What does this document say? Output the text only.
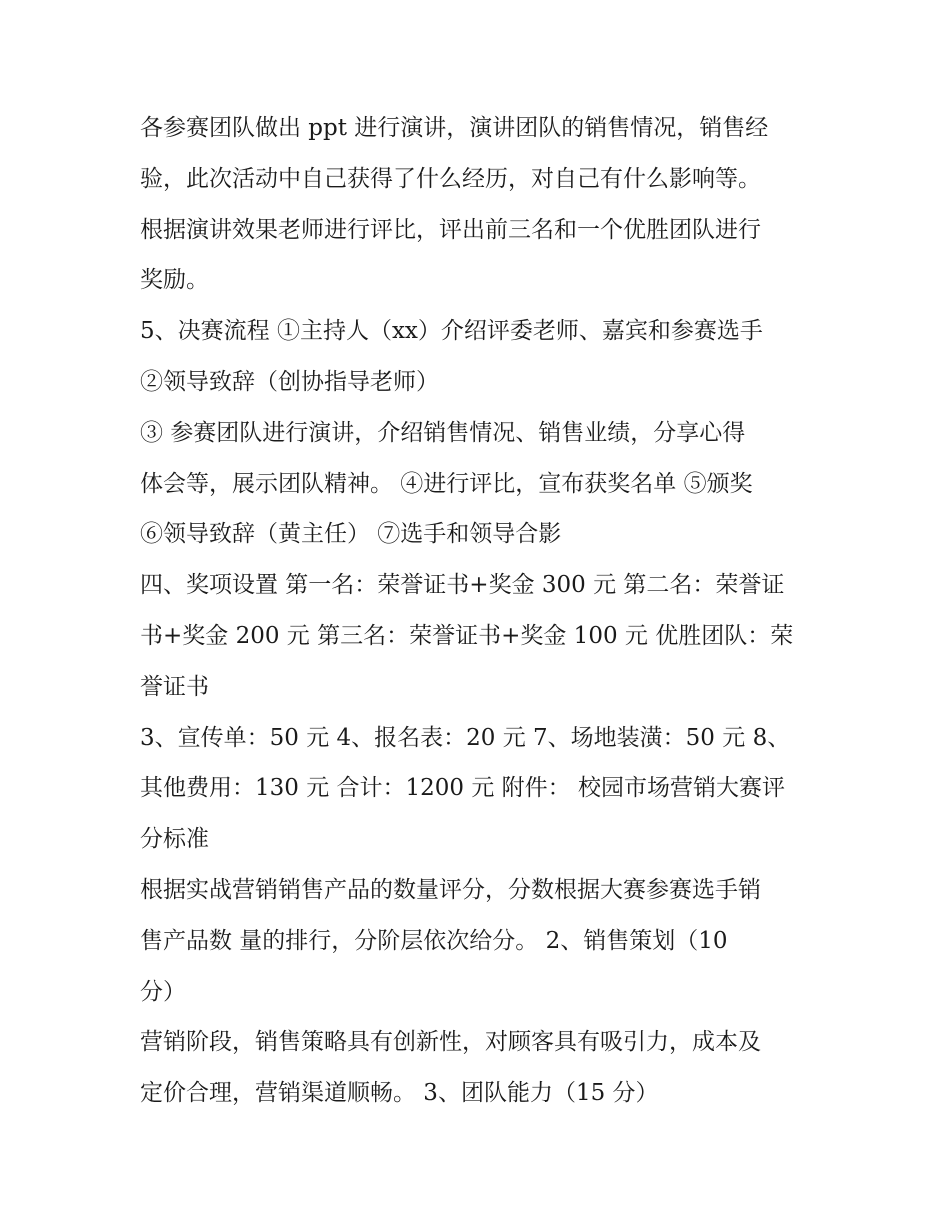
各参赛团队做出 ppt 进行演讲，演讲团队的销售情况，销售经
验，此次活动中自己获得了什么经历，对自己有什么影响等。
根据演讲效果老师进行评比，评出前三名和一个优胜团队进行
奖励。
5、决赛流程 ①主持人（xx）介绍评委老师、嘉宾和参赛选手
②领导致辞（创协指导老师）
③ 参赛团队进行演讲，介绍销售情况、销售业绩，分享心得
体会等，展示团队精神。 ④进行评比，宣布获奖名单 ⑤颁奖
⑥领导致辞（黄主任） ⑦选手和领导合影
四、奖项设置 第一名：荣誉证书+奖金 300 元 第二名：荣誉证
书+奖金 200 元 第三名：荣誉证书+奖金 100 元 优胜团队：荣
誉证书
3、宣传单：50 元 4、报名表：20 元 7、场地装潢：50 元 8、
其他费用：130 元 合计：1200 元 附件： 校园市场营销大赛评
分标准
根据实战营销销售产品的数量评分，分数根据大赛参赛选手销
售产品数 量的排行，分阶层依次给分。 2、销售策划（10
分）
营销阶段，销售策略具有创新性，对顾客具有吸引力，成本及
定价合理，营销渠道顺畅。 3、团队能力（15 分）
